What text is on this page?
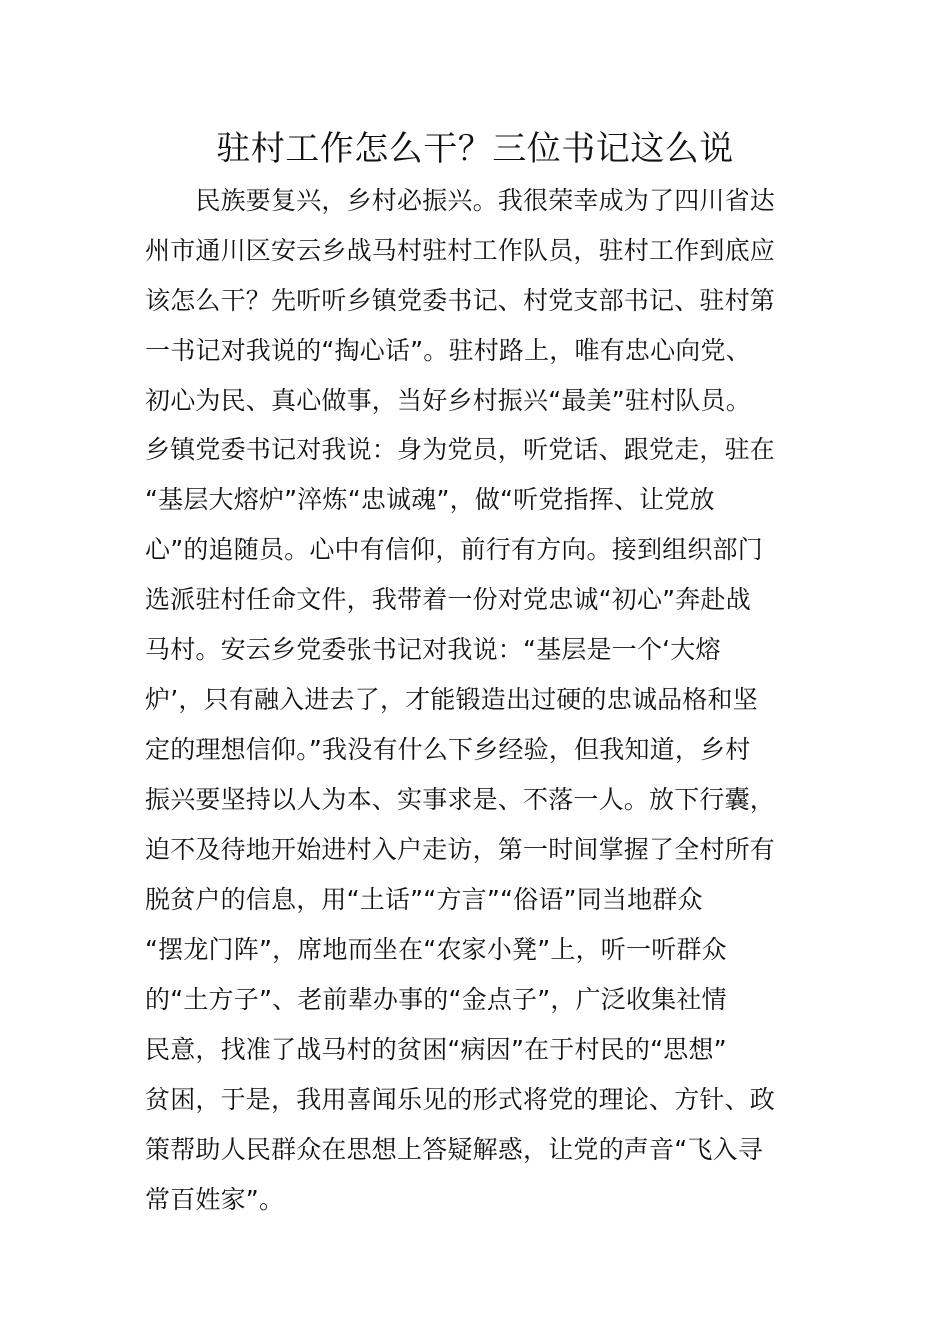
驻村工作怎么干？三位书记这么说
　　民族要复兴，乡村必振兴。我很荣幸成为了四川省达
州市通川区安云乡战马村驻村工作队员，驻村工作到底应
该怎么干？先听听乡镇党委书记、村党支部书记、驻村第
一书记对我说的“掏心话”。驻村路上，唯有忠心向党、
初心为民、真心做事，当好乡村振兴“最美”驻村队员。
乡镇党委书记对我说：身为党员，听党话、跟党走，驻在
“基层大熔炉”淬炼“忠诚魂”，做“听党指挥、让党放
心”的追随员。心中有信仰，前行有方向。接到组织部门
选派驻村任命文件，我带着一份对党忠诚“初心”奔赴战
马村。安云乡党委张书记对我说：“基层是一个‘大熔
炉’，只有融入进去了，才能锻造出过硬的忠诚品格和坚
定的理想信仰。”我没有什么下乡经验，但我知道，乡村
振兴要坚持以人为本、实事求是、不落一人。放下行囊，
迫不及待地开始进村入户走访，第一时间掌握了全村所有
脱贫户的信息，用“土话”“方言”“俗语”同当地群众
“摆龙门阵”，席地而坐在“农家小凳”上，听一听群众
的“土方子”、老前辈办事的“金点子”，广泛收集社情
民意，找准了战马村的贫困“病因”在于村民的“思想”
贫困，于是，我用喜闻乐见的形式将党的理论、方针、政
策帮助人民群众在思想上答疑解惑，让党的声音“飞入寻
常百姓家”。
